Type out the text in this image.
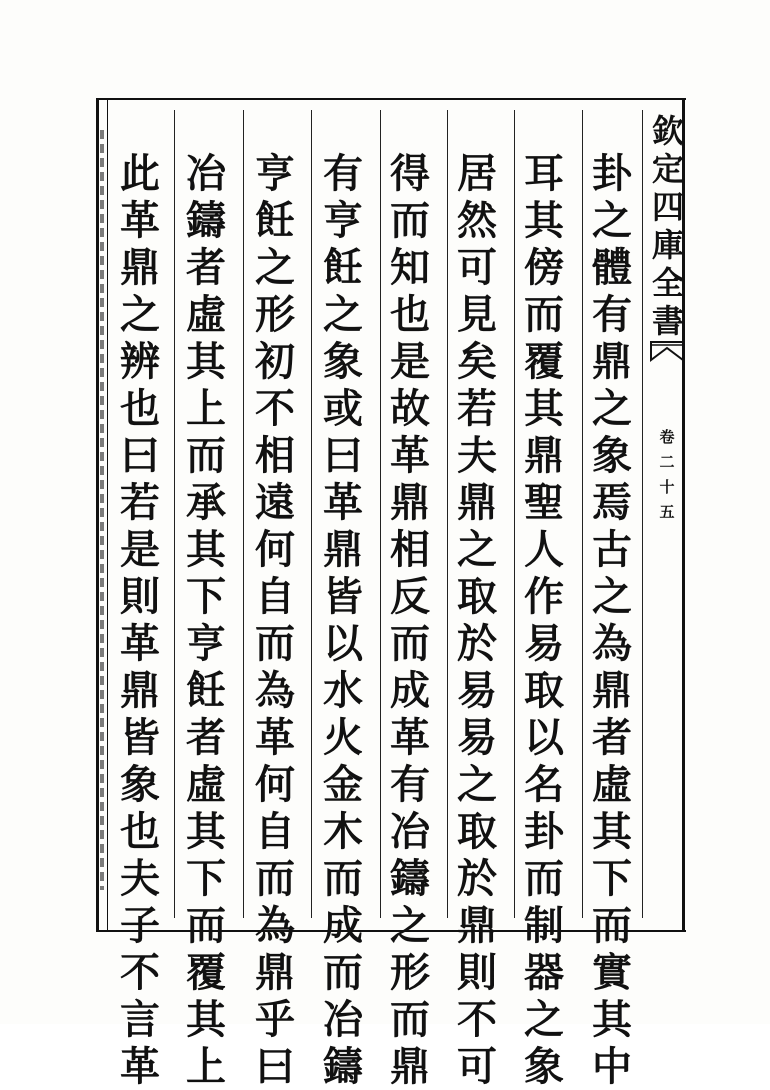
欽
定
四
庫
全
書
卷
二
十
五
卦
之
體
有
鼎
之
象
焉
古
之
為
鼎
者
虛
其
下
而
實
其
中
耳
其
傍
而
覆
其
鼎
聖
人
作
易
取
以
名
卦
而
制
器
之
象
居
然
可
見
矣
若
夫
鼎
之
取
於
易
易
之
取
於
鼎
則
不
可
得
而
知
也
是
故
革
鼎
相
反
而
成
革
有
冶
鑄
之
形
而
鼎
有
亨
飪
之
象
或
曰
革
鼎
皆
以
水
火
金
木
而
成
而
冶
鑄
亨
飪
之
形
初
不
相
遠
何
自
而
為
革
何
自
而
為
鼎
乎
曰
冶
鑄
者
虛
其
上
而
承
其
下
亨
飪
者
虛
其
下
而
覆
其
上
此
革
鼎
之
辨
也
曰
若
是
則
革
鼎
皆
象
也
夫
子
不
言
革
